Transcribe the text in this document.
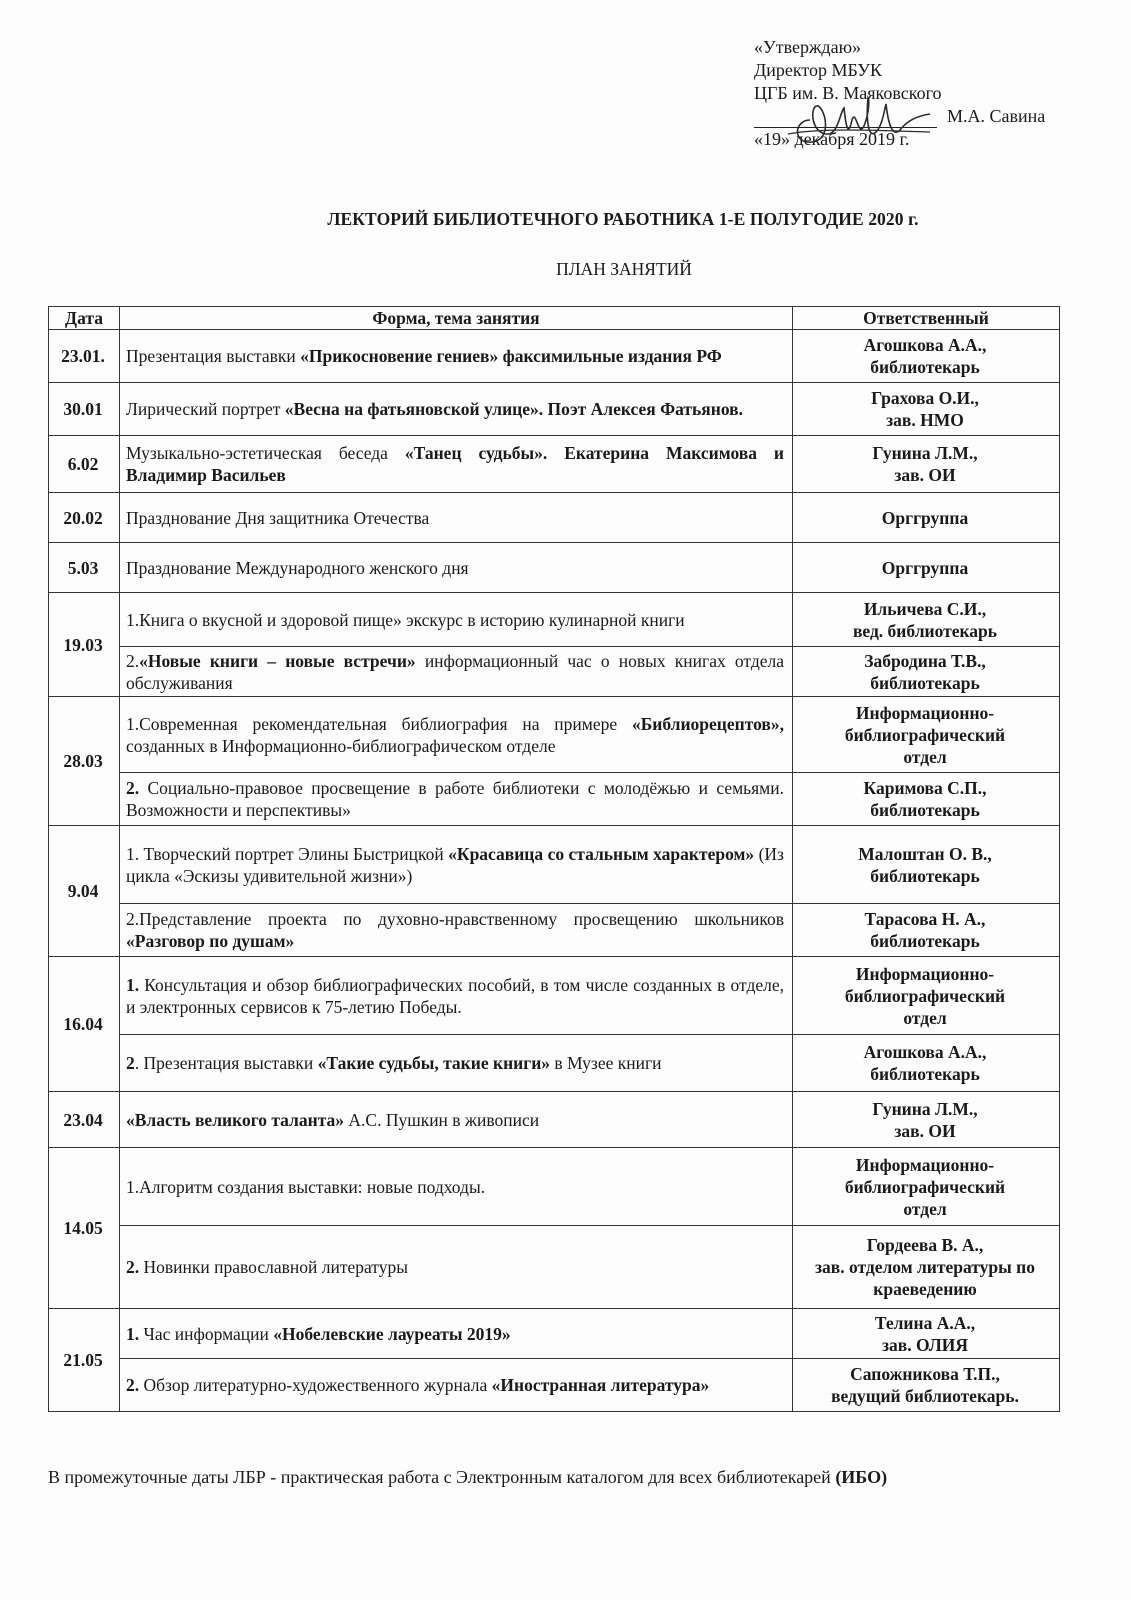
«Утверждаю»
Директор МБУК
ЦГБ им. В. Маяковского
М.А. Савина
«19» декабря 2019 г.
ЛЕКТОРИЙ БИБЛИОТЕЧНОГО РАБОТНИКА 1-Е ПОЛУГОДИЕ 2020 г.
ПЛАН ЗАНЯТИЙ
Дата	Форма, тема занятия	Ответственный
23.01.	Презентация выставки «Прикосновение гениев» факсимильные издания РФ	Агошкова А.А.,
библиотекарь

30.01	Лирический портрет «Весна на фатьяновской улице». Поэт Алексея Фатьянов.	Грахова О.И.,
зав. НМО

6.02	Музыкально-эстетическая беседа «Танец судьбы». Екатерина Максимова и Владимир Васильев	Гунина Л.М.,
зав. ОИ

20.02	Празднование Дня защитника Отечества	Орггруппа

5.03	Празднование Международного женского дня	Орггруппа

19.03	1.Книга о вкусной и здоровой пище» экскурс в историю кулинарной книги	Ильичева С.И.,
вед. библиотекарь

	2.«Новые книги – новые встречи» информационный час о новых книгах отдела обслуживания	Забродина Т.В.,
библиотекарь

28.03	1.Современная рекомендательная библиография на примере «Библиорецептов», созданных в Информационно-библиографическом отделе	Информационно-библиографический
отдел

	2. Социально-правовое просвещение в работе библиотеки с молодёжью и семьями. Возможности и перспективы»	Каримова С.П.,
библиотекарь

9.04	1. Творческий портрет Элины Быстрицкой «Красавица со стальным характером» (Из цикла «Эскизы удивительной жизни»)	Малоштан О. В.,
библиотекарь

	2.Представление проекта по духовно-нравственному просвещению школьников «Разговор по душам»	Тарасова Н. А.,
библиотекарь

16.04	1. Консультация и обзор библиографических пособий, в том числе созданных в отделе, и электронных сервисов к 75-летию Победы.	Информационно-библиографический
отдел

	2. Презентация выставки «Такие судьбы, такие книги» в Музее книги	Агошкова А.А.,
библиотекарь

23.04	«Власть великого таланта» А.С. Пушкин в живописи	Гунина Л.М.,
зав. ОИ

14.05	1.Алгоритм создания выставки: новые подходы.	Информационно-библиографический
отдел

	2. Новинки православной литературы	Гордеева В. А.,
зав. отделом литературы по краеведению

21.05	1. Час информации «Нобелевские лауреаты 2019»	Телина А.А.,
зав. ОЛИЯ

	2. Обзор литературно-художественного журнала «Иностранная литература»	Сапожникова Т.П.,
ведущий библиотекарь.
В промежуточные даты ЛБР - практическая работа с Электронным каталогом для всех библиотекарей (ИБО)
